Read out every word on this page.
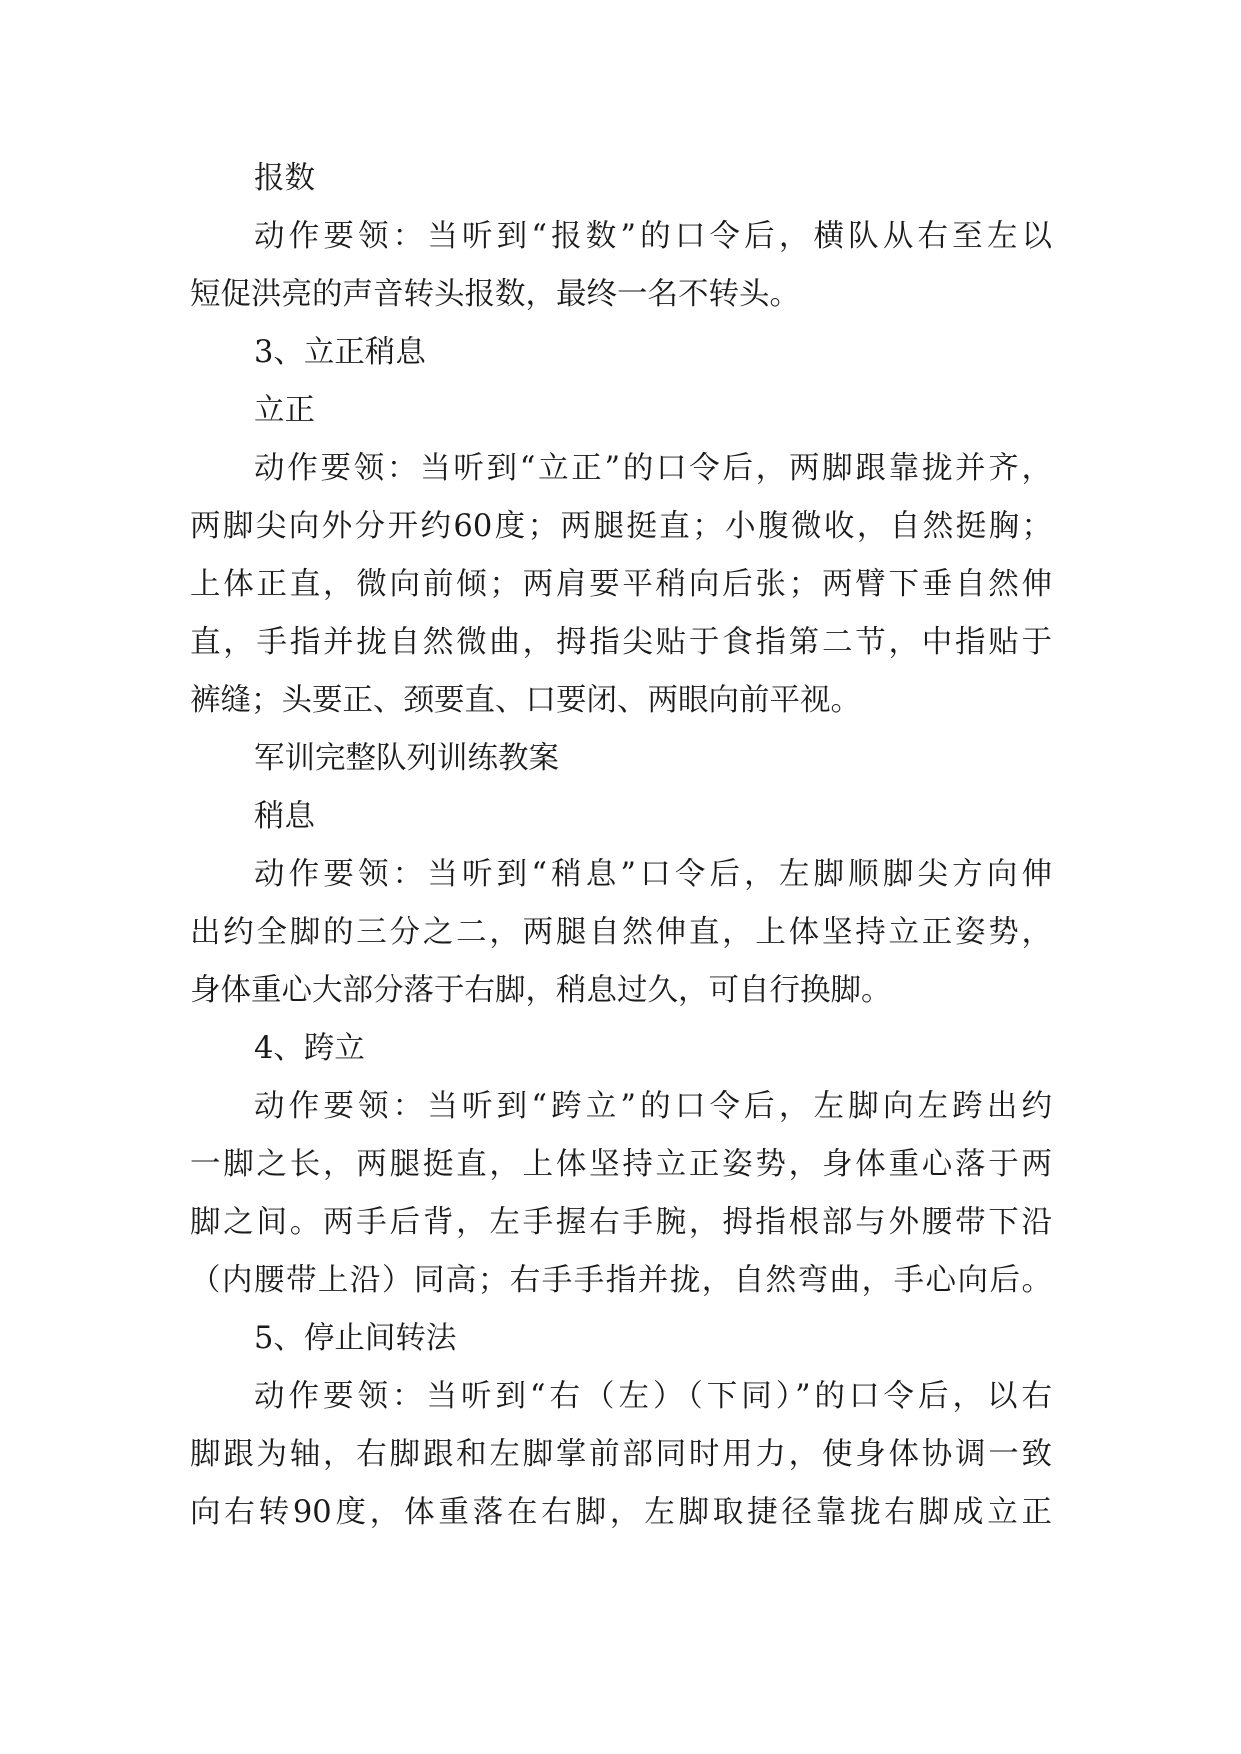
报数
动作要领：当听到“报数”的口令后，横队从右至左以
短促洪亮的声音转头报数，最终一名不转头。
3、立正稍息
立正
动作要领：当听到“立正”的口令后，两脚跟靠拢并齐，
两脚尖向外分开约60度；两腿挺直；小腹微收，自然挺胸；
上体正直，微向前倾；两肩要平稍向后张；两臂下垂自然伸
直，手指并拢自然微曲，拇指尖贴于食指第二节，中指贴于
裤缝；头要正、颈要直、口要闭、两眼向前平视。
军训完整队列训练教案
稍息
动作要领：当听到“稍息”口令后，左脚顺脚尖方向伸
出约全脚的三分之二，两腿自然伸直，上体坚持立正姿势，
身体重心大部分落于右脚，稍息过久，可自行换脚。
4、跨立
动作要领：当听到“跨立”的口令后，左脚向左跨出约
一脚之长，两腿挺直，上体坚持立正姿势，身体重心落于两
脚之间。两手后背，左手握右手腕，拇指根部与外腰带下沿
（内腰带上沿）同高；右手手指并拢，自然弯曲，手心向后。
5、停止间转法
动作要领：当听到“右（左）（下同）”的口令后，以右
脚跟为轴，右脚跟和左脚掌前部同时用力，使身体协调一致
向右转90度，体重落在右脚，左脚取捷径靠拢右脚成立正
